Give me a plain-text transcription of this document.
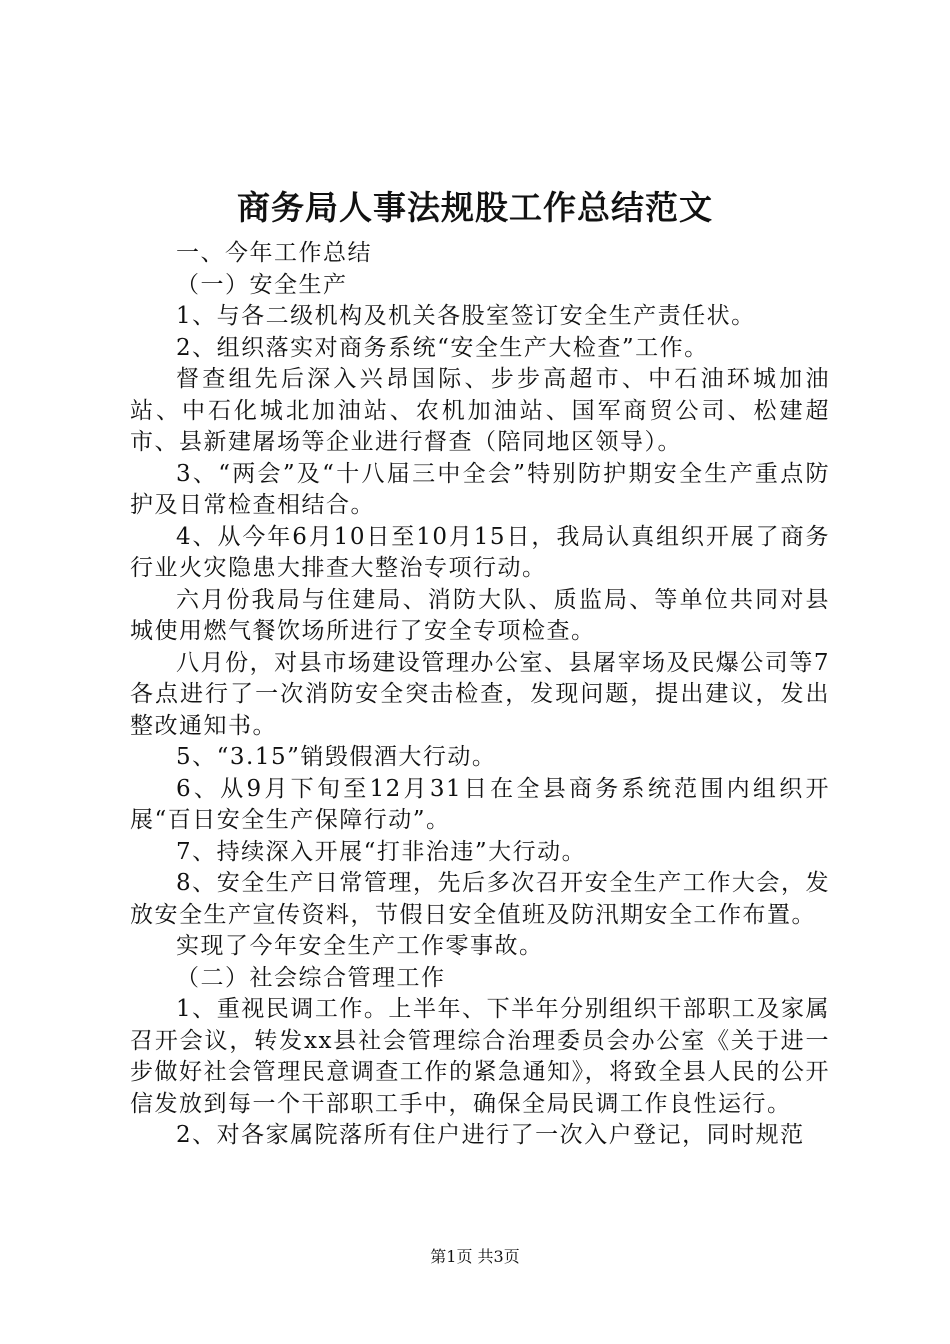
商务局人事法规股工作总结范文

一、今年工作总结

（一）安全生产

1、与各二级机构及机关各股室签订安全生产责任状。

2、组织落实对商务系统“安全生产大检查”工作。

督查组先后深入兴昂国际、步步高超市、中石油环城加油站、中石化城北加油站、农机加油站、国军商贸公司、松建超市、县新建屠场等企业进行督查（陪同地区领导）。

3、“两会”及“十八届三中全会”特别防护期安全生产重点防护及日常检查相结合。

4、从今年6月10日至10月15日，我局认真组织开展了商务行业火灾隐患大排查大整治专项行动。

六月份我局与住建局、消防大队、质监局、等单位共同对县城使用燃气餐饮场所进行了安全专项检查。

八月份，对县市场建设管理办公室、县屠宰场及民爆公司等7各点进行了一次消防安全突击检查，发现问题，提出建议，发出整改通知书。

5、“3.15”销毁假酒大行动。

6、从9月下旬至12月31日在全县商务系统范围内组织开展“百日安全生产保障行动”。

7、持续深入开展“打非治违”大行动。

8、安全生产日常管理，先后多次召开安全生产工作大会，发放安全生产宣传资料，节假日安全值班及防汛期安全工作布置。

实现了今年安全生产工作零事故。

（二）社会综合管理工作

1、重视民调工作。上半年、下半年分别组织干部职工及家属召开会议，转发xx县社会管理综合治理委员会办公室《关于进一步做好社会管理民意调查工作的紧急通知》，将致全县人民的公开信发放到每一个干部职工手中，确保全局民调工作良性运行。

2、对各家属院落所有住户进行了一次入户登记，同时规范

第1页 共3页
